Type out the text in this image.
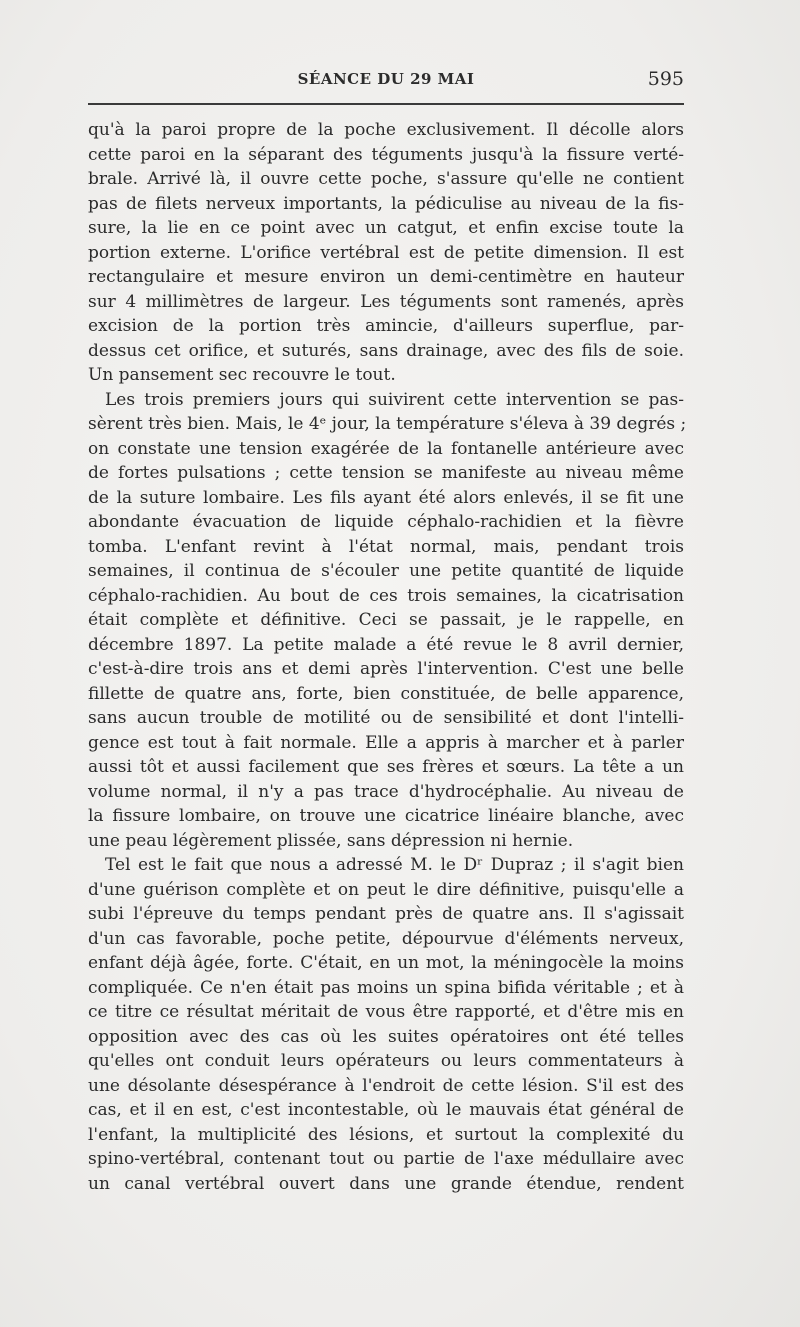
SÉANCE DU 29 MAI	595
qu'à la paroi propre de la poche exclusivement. Il décolle alors
cette paroi en la séparant des téguments jusqu'à la fissure verté-
brale. Arrivé là, il ouvre cette poche, s'assure qu'elle ne contient
pas de filets nerveux importants, la pédiculise au niveau de la fis-
sure, la lie en ce point avec un catgut, et enfin excise toute la
portion externe. L'orifice vertébral est de petite dimension. Il est
rectangulaire et mesure environ un demi-centimètre en hauteur
sur 4 millimètres de largeur. Les téguments sont ramenés, après
excision de la portion très amincie, d'ailleurs superflue, par-
dessus cet orifice, et suturés, sans drainage, avec des fils de soie.
Un pansement sec recouvre le tout.
Les trois premiers jours qui suivirent cette intervention se pas-
sèrent très bien. Mais, le 4ᵉ jour, la température s'éleva à 39 degrés ;
on constate une tension exagérée de la fontanelle antérieure avec
de fortes pulsations ; cette tension se manifeste au niveau même
de la suture lombaire. Les fils ayant été alors enlevés, il se fit une
abondante évacuation de liquide céphalo-rachidien et la fièvre
tomba. L'enfant revint à l'état normal, mais, pendant trois
semaines, il continua de s'écouler une petite quantité de liquide
céphalo-rachidien. Au bout de ces trois semaines, la cicatrisation
était complète et définitive. Ceci se passait, je le rappelle, en
décembre 1897. La petite malade a été revue le 8 avril dernier,
c'est-à-dire trois ans et demi après l'intervention. C'est une belle
fillette de quatre ans, forte, bien constituée, de belle apparence,
sans aucun trouble de motilité ou de sensibilité et dont l'intelli-
gence est tout à fait normale. Elle a appris à marcher et à parler
aussi tôt et aussi facilement que ses frères et sœurs. La tête a un
volume normal, il n'y a pas trace d'hydrocéphalie. Au niveau de
la fissure lombaire, on trouve une cicatrice linéaire blanche, avec
une peau légèrement plissée, sans dépression ni hernie.
Tel est le fait que nous a adressé M. le Dʳ Dupraz ; il s'agit bien
d'une guérison complète et on peut le dire définitive, puisqu'elle a
subi l'épreuve du temps pendant près de quatre ans. Il s'agissait
d'un cas favorable, poche petite, dépourvue d'éléments nerveux,
enfant déjà âgée, forte. C'était, en un mot, la méningocèle la moins
compliquée. Ce n'en était pas moins un spina bifida véritable ; et à
ce titre ce résultat méritait de vous être rapporté, et d'être mis en
opposition avec des cas où les suites opératoires ont été telles
qu'elles ont conduit leurs opérateurs ou leurs commentateurs à
une désolante désespérance à l'endroit de cette lésion. S'il est des
cas, et il en est, c'est incontestable, où le mauvais état général de
l'enfant, la multiplicité des lésions, et surtout la complexité du
spino-vertébral, contenant tout ou partie de l'axe médullaire avec
un canal vertébral ouvert dans une grande étendue, rendent
